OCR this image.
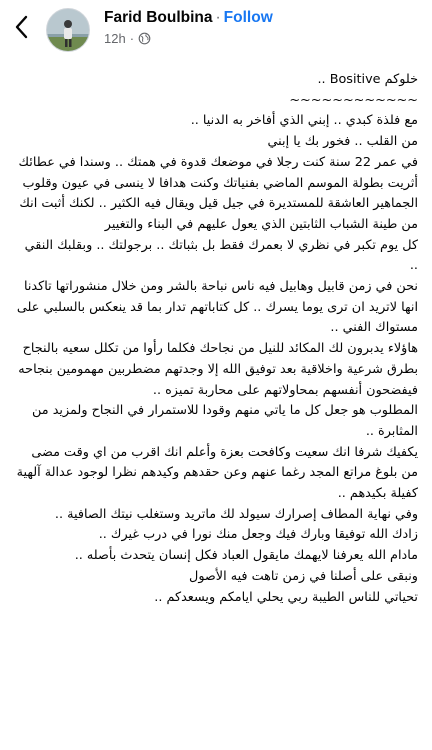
Farid Boulbina · Follow
12h ·
خلوكم Bositive ..
~~~~~~~~~~~~
مع فلذة كبدي .. إبني الذي أفاخر به الدنيا ..
من القلب .. فخور بك يا إبني
في عمر 22 سنة كنت رجلا في موضعك قدوة في همتك .. وسندا في عطائك
أثريت بطولة الموسم الماضي بفنياتك وكنت هدافا لا ينسى في عيون وقلوب الجماهير العاشقة للمستديرة في جيل قيل ويقال فيه الكثير .. لكنك أثبت انك من طينة الشباب الثابتين الذي يعول عليهم في البناء والتغيير
كل يوم تكبر في نظري لا بعمرك فقط بل بثباتك .. برجولتك .. وبقلبك النقي ..
نحن في زمن قابيل وهابيل فيه ناس نباحة بالشر ومن خلال منشوراتها تاكدنا انها لاتريد ان ترى يوما يسرك .. كل كتاباتهم تدار بما قد ينعكس بالسلبي على مستواك الفني ..
هاؤلاء يدبرون لك المكائد للنيل من نجاحك فكلما رأوا من تكلل سعيه بالنجاح بطرق شرعية واخلاقية بعد توفيق الله إلا وجدتهم مضطربين مهمومين بنجاحه فيفضحون أنفسهم بمحاولاتهم على محاربة تميزه ..
المطلوب هو جعل كل ما ياتي منهم وقودا للاستمرار في النجاح ولمزيد من المثابرة ..
يكفيك شرفا انك سعيت وكافحت بعزة وأعلم انك اقرب من اي وقت مضى من بلوغ مراتع المجد رغما عنهم وعن حقدهم وكيدهم نظرا لوجود عدالة آلهية كفيلة بكيدهم ..
وفي نهاية المطاف إصرارك سيولد لك ماتريد وستغلب نيتك الصافية ..
زادك الله توفيقا وبارك فيك وجعل منك نورا في درب غيرك ..
مادام الله يعرفنا لايهمك مايقول العباد فكل إنسان يتحدث بأصله ..
ونبقى على أصلنا في زمن تاهت فيه الأصول
تحياتي للناس الطيبة ربي يحلي ايامكم ويسعدكم ..
